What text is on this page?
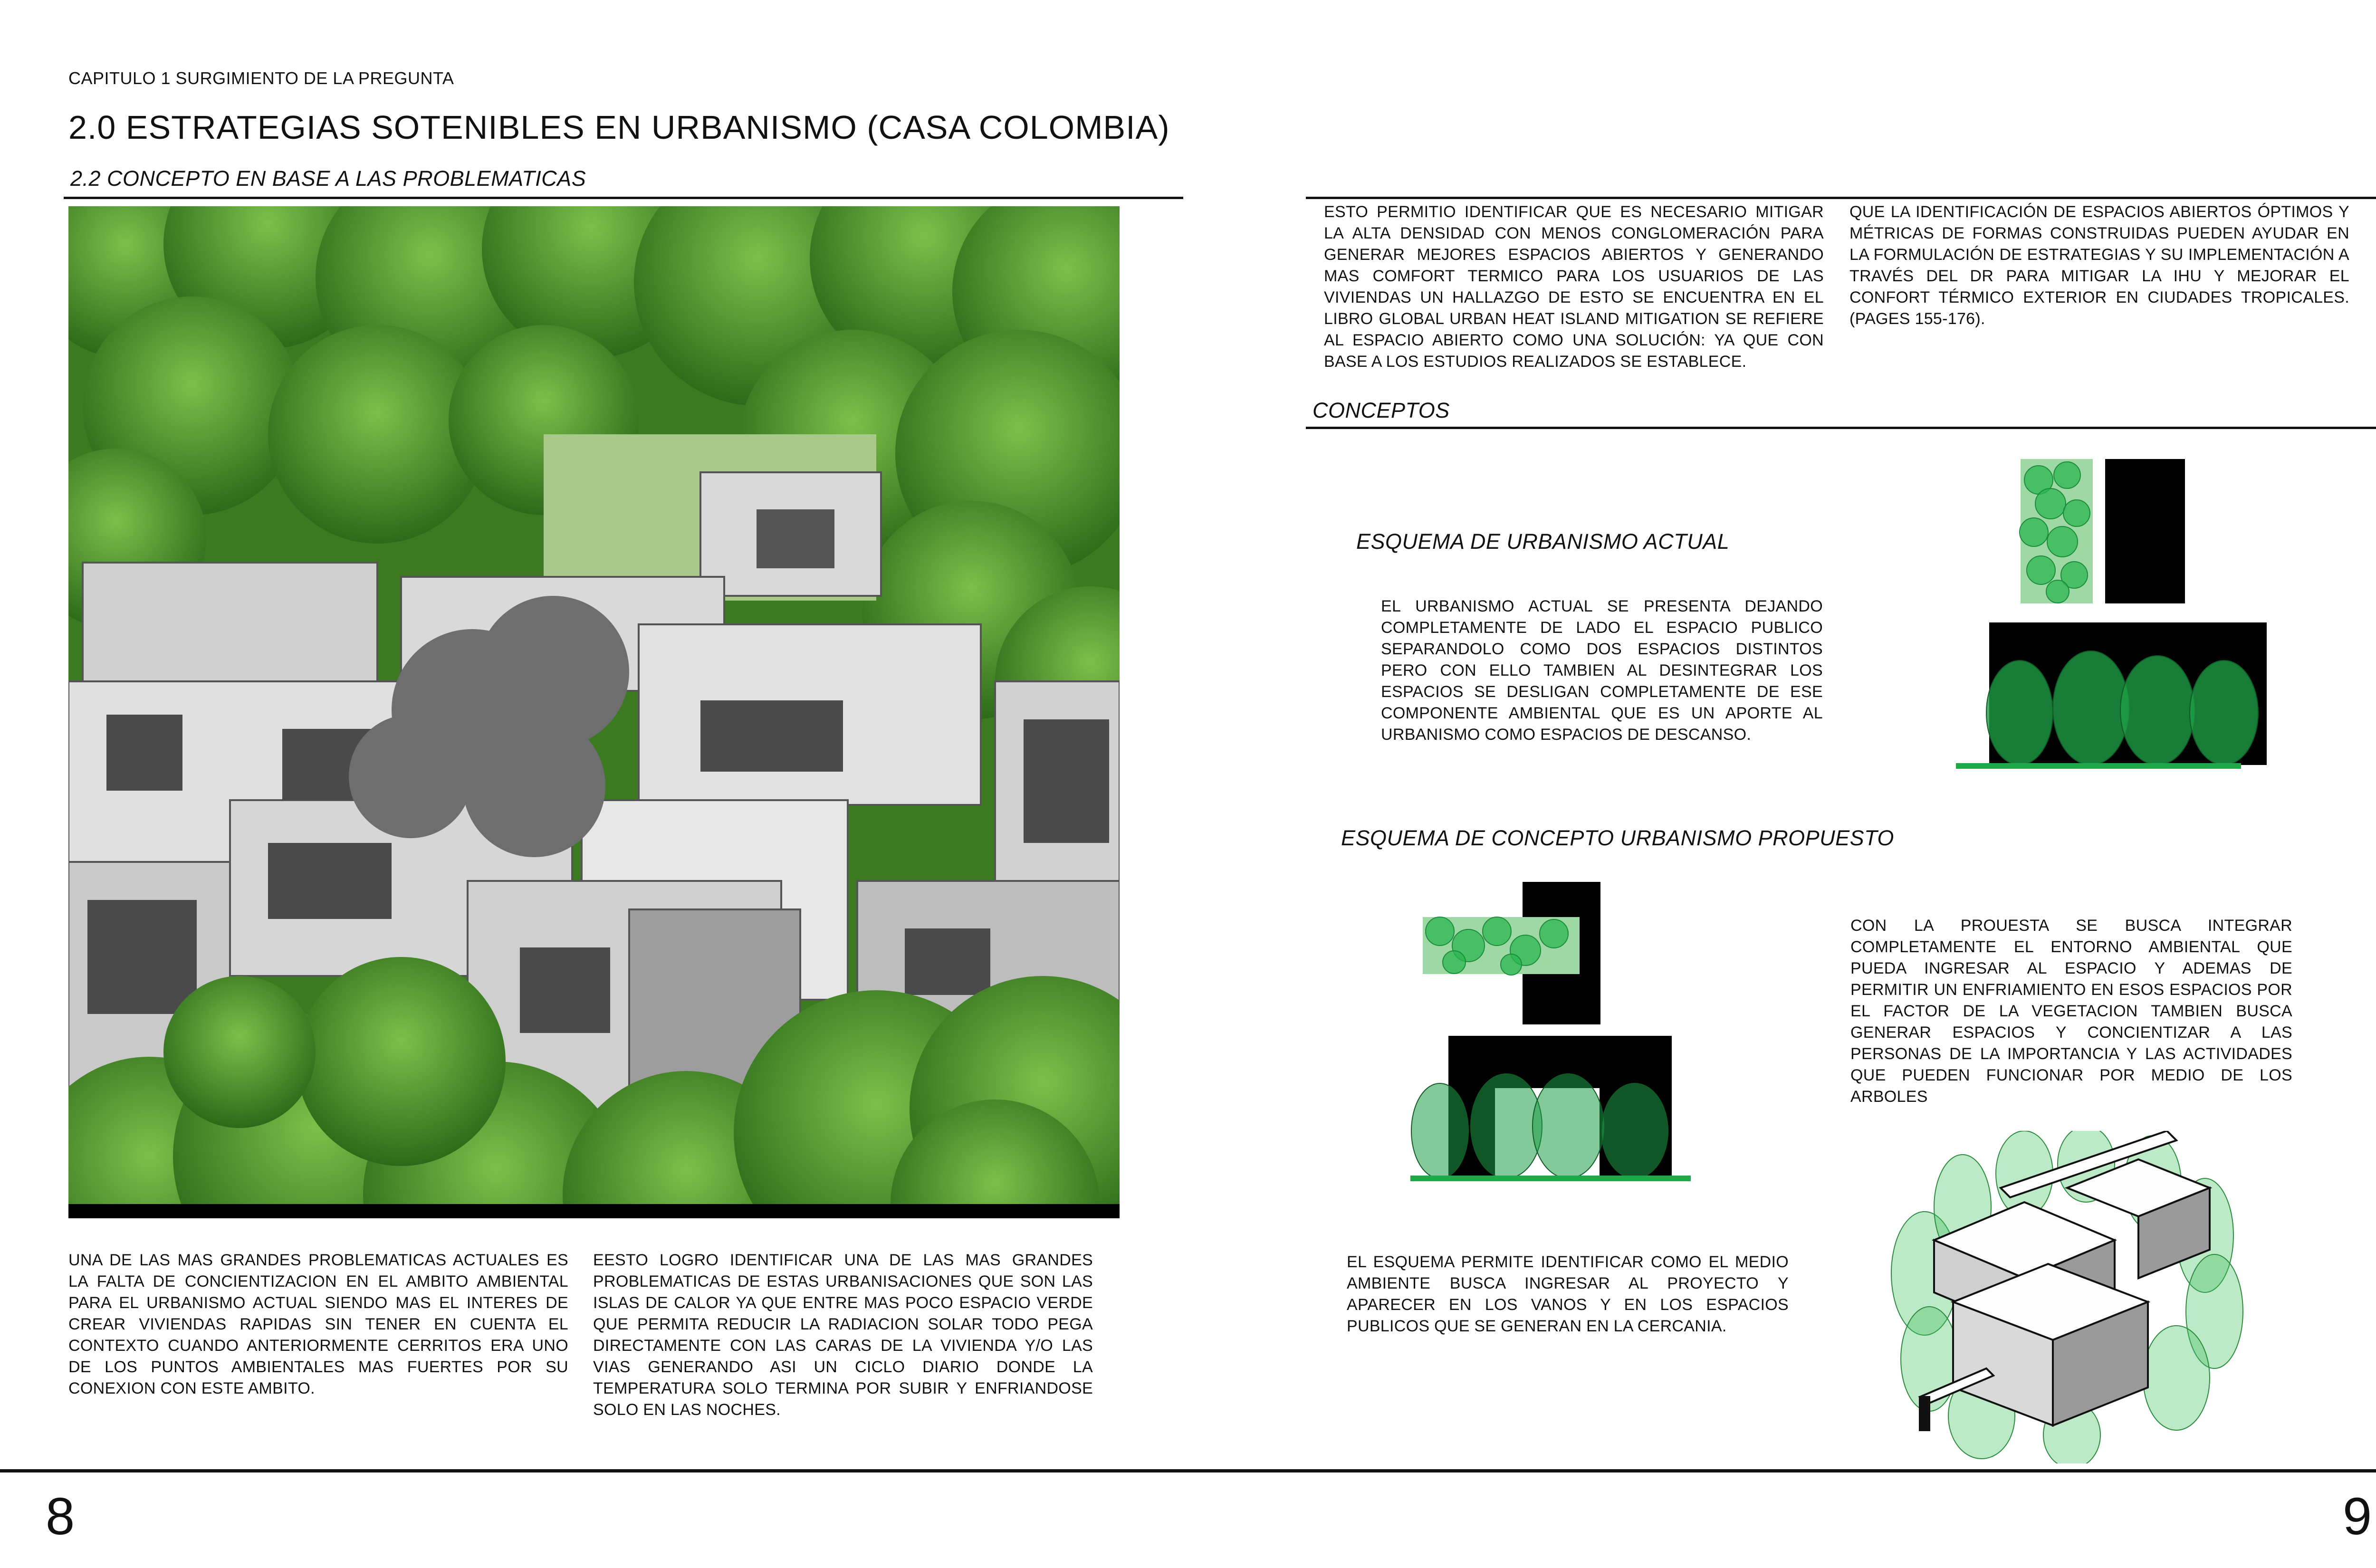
CAPITULO 1 SURGIMIENTO DE LA PREGUNTA
2.0 ESTRATEGIAS SOTENIBLES EN URBANISMO (CASA COLOMBIA)
2.2 CONCEPTO EN BASE A LAS PROBLEMATICAS
UNA DE LAS MAS GRANDES PROBLEMATICAS ACTUALES ES LA FALTA DE CONCIENTIZACION EN EL AMBITO AMBIENTAL PARA EL URBANISMO ACTUAL SIENDO MAS EL INTERES DE CREAR VIVIENDAS RAPIDAS SIN TENER EN CUENTA EL CONTEXTO CUANDO ANTERIORMENTE CERRITOS ERA UNO DE LOS PUNTOS AMBIENTALES MAS FUERTES POR SU CONEXION CON ESTE AMBITO.
EESTO LOGRO IDENTIFICAR UNA DE LAS MAS GRANDES PROBLEMATICAS DE ESTAS URBANISACIONES QUE SON LAS ISLAS DE CALOR YA QUE ENTRE MAS POCO ESPACIO VERDE QUE PERMITA REDUCIR LA RADIACION SOLAR TODO PEGA DIRECTAMENTE CON LAS CARAS DE LA VIVIENDA Y/O LAS VIAS GENERANDO ASI UN CICLO DIARIO DONDE LA TEMPERATURA SOLO TERMINA POR SUBIR Y ENFRIANDOSE SOLO EN LAS NOCHES.
ESTO PERMITIO IDENTIFICAR QUE ES NECESARIO MITIGAR LA ALTA DENSIDAD CON MENOS CONGLOMERACIÓN PARA GENERAR MEJORES ESPACIOS ABIERTOS Y GENERANDO MAS COMFORT TERMICO PARA LOS USUARIOS DE LAS VIVIENDAS UN HALLAZGO DE ESTO SE ENCUENTRA EN EL LIBRO GLOBAL URBAN HEAT ISLAND MITIGATION SE REFIERE AL ESPACIO ABIERTO COMO UNA SOLUCIÓN: YA QUE CON BASE A LOS ESTUDIOS REALIZADOS SE ESTABLECE.
QUE LA IDENTIFICACIÓN DE ESPACIOS ABIERTOS ÓPTIMOS Y MÉTRICAS DE FORMAS CONSTRUIDAS PUEDEN AYUDAR EN LA FORMULACIÓN DE ESTRATEGIAS Y SU IMPLEMENTACIÓN A TRAVÉS DEL DR PARA MITIGAR LA IHU Y MEJORAR EL CONFORT TÉRMICO EXTERIOR EN CIUDADES TROPICALES. (PAGES 155-176).
CONCEPTOS
ESQUEMA DE URBANISMO ACTUAL
EL URBANISMO ACTUAL SE PRESENTA DEJANDO COMPLETAMENTE DE LADO EL ESPACIO PUBLICO SEPARANDOLO COMO DOS ESPACIOS DISTINTOS PERO CON ELLO TAMBIEN AL DESINTEGRAR LOS ESPACIOS SE DESLIGAN COMPLETAMENTE DE ESE COMPONENTE AMBIENTAL QUE ES UN APORTE AL URBANISMO COMO ESPACIOS DE DESCANSO.
ESQUEMA DE CONCEPTO URBANISMO PROPUESTO
CON LA PROUESTA SE BUSCA INTEGRAR COMPLETAMENTE EL ENTORNO AMBIENTAL QUE PUEDA INGRESAR AL ESPACIO Y ADEMAS DE PERMITIR UN ENFRIAMIENTO EN ESOS ESPACIOS POR EL FACTOR DE LA VEGETACION TAMBIEN BUSCA GENERAR ESPACIOS Y CONCIENTIZAR A LAS PERSONAS DE LA IMPORTANCIA Y LAS ACTIVIDADES QUE PUEDEN FUNCIONAR POR MEDIO DE LOS ARBOLES
EL ESQUEMA PERMITE IDENTIFICAR COMO EL MEDIO AMBIENTE BUSCA INGRESAR AL PROYECTO Y APARECER EN LOS VANOS Y EN LOS ESPACIOS PUBLICOS QUE SE GENERAN EN LA CERCANIA.
8	9
